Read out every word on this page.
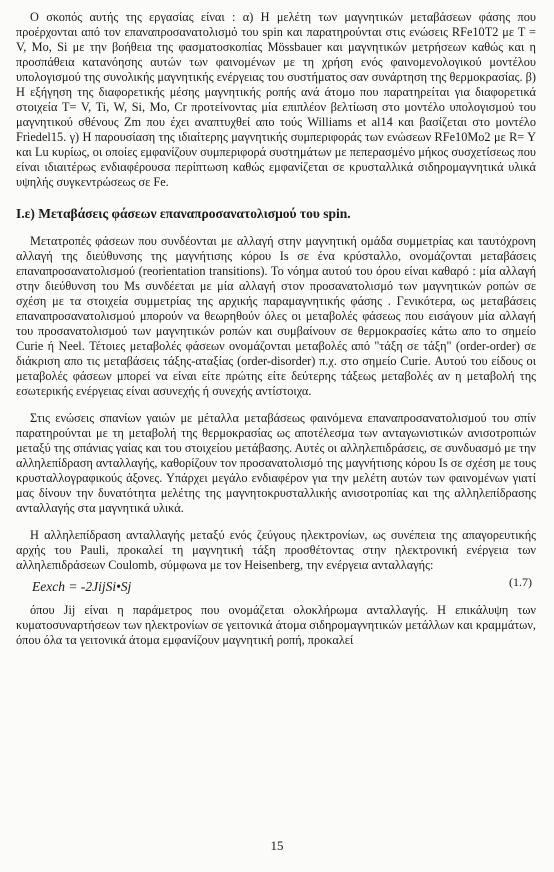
Ο σκοπός αυτής της εργασίας είναι : α) Η μελέτη των μαγνητικών μεταβάσεων φάσης που προέρχονται από τον επαναπροσανατολισμό του spin και παρατηρούνται στις ενώσεις RFe10T2 με T = V, Mo, Si με την βοήθεια της φασματοσκοπίας Mössbauer και μαγνητικών μετρήσεων καθώς και η προσπάθεια κατανόησης αυτών των φαινομένων με τη χρήση ενός φαινομενολογικού μοντέλου υπολογισμού της συνολικής μαγνητικής ενέργειας του συστήματος σαν συνάρτηση της θερμοκρασίας. β) Η εξήγηση της διαφορετικής μέσης μαγνητικής ροπής ανά άτομο που παρατηρείται για διαφορετικά στοιχεία T= V, Ti, W, Si, Mo, Cr προτείνοντας μία επιπλέον βελτίωση στο μοντέλο υπολογισμού του μαγνητικού σθένους Zm που έχει αναπτυχθεί απο τούς Williams et al14 και βασίζεται στο μοντέλο Friedel15. γ) Η παρουσίαση της ιδιαίτερης μαγνητικής συμπεριφοράς των ενώσεων RFe10Mo2 με R= Y και Lu κυρίως, οι οποίες εμφανίζουν συμπεριφορά συστημάτων με πεπερασμένο μήκος συσχετίσεως που είναι ιδιαιτέρως ενδιαφέρουσα περίπτωση καθώς εμφανίζεται σε κρυσταλλικά σιδηρομαγνητικά υλικά υψηλής συγκεντρώσεως σε Fe.

Ι.ε) Μεταβάσεις φάσεων επαναπροσανατολισμού του spin.

Μετατροπές φάσεων που συνδέονται με αλλαγή στην μαγνητική ομάδα συμμετρίας και ταυτόχρονη αλλαγή της διεύθυνσης της μαγνήτισης κόρου Is σε ένα κρύσταλλο, ονομάζονται μεταβάσεις επαναπροσανατολισμού (reorientation transitions). Το νόημα αυτού του όρου είναι καθαρό : μία αλλαγή στην διεύθυνση του Ms συνδέεται με μία αλλαγή στον προσανατολισμό των μαγνητικών ροπών σε σχέση με τα στοιχεία συμμετρίας της αρχικής παραμαγνητικής φάσης . Γενικότερα, ως μεταβάσεις επαναπροσανατολισμού μπορούν να θεωρηθούν όλες οι μεταβολές φάσεως που εισάγουν μία αλλαγή του προσανατολισμού των μαγνητικών ροπών και συμβαίνουν σε θερμοκρασίες κάτω απο το σημείο Curie ή Neel. Τέτοιες μεταβολές φάσεων ονομάζονται μεταβολές από "τάξη σε τάξη" (order-order) σε διάκριση απο τις μεταβάσεις τάξης-αταξίας (order-disorder) π.χ. στο σημείο Curie. Αυτού του είδους οι μεταβολές φάσεων μπορεί να είναι είτε πρώτης είτε δεύτερης τάξεως μεταβολές αν η μεταβολή της εσωτερικής ενέργειας είναι ασυνεχής ή συνεχής αντίστοιχα.

Στις ενώσεις σπανίων γαιών με μέταλλα μεταβάσεως φαινόμενα επαναπροσανατολισμού του σπίν παρατηρούνται με τη μεταβολή της θερμοκρασίας ως αποτέλεσμα των ανταγωνιστικών ανισοτροπιών μεταξύ της σπάνιας γαίας και του στοιχείου μετάβασης. Αυτές οι αλληλεπιδράσεις, σε συνδυασμό με την αλληλεπίδραση ανταλλαγής, καθορίζουν τον προσανατολισμό της μαγνήτισης κόρου Is σε σχέση με τους κρυσταλλογραφικούς άξονες. Υπάρχει μεγάλο ενδιαφέρον για την μελέτη αυτών των φαινομένων γιατί μας δίνουν την δυνατότητα μελέτης της μαγνητοκρυσταλλικής ανισοτροπίας και της αλληλεπίδρασης ανταλλαγής στα μαγνητικά υλικά.

Η αλληλεπίδραση ανταλλαγής μεταξύ ενός ζεύγους ηλεκτρονίων, ως συνέπεια της απαγορευτικής αρχής του Pauli, προκαλεί τη μαγνητική τάξη προσθέτοντας στην ηλεκτρονική ενέργεια των αλληλεπιδράσεων Coulomb, σύμφωνα με τον Heisenberg, την ενέργεια ανταλλαγής:

Eexch = -2JijSi•Sj	(1.7)

όπου Jij είναι η παράμετρος που ονομάζεται ολοκλήρωμα ανταλλαγής. Η επικάλυψη των κυματοσυναρτήσεων των ηλεκτρονίων σε γειτονικά άτομα σιδηρομαγνητικών μετάλλων και κραμμάτων, όπου όλα τα γειτονικά άτομα εμφανίζουν μαγνητική ροπή, προκαλεί

15
